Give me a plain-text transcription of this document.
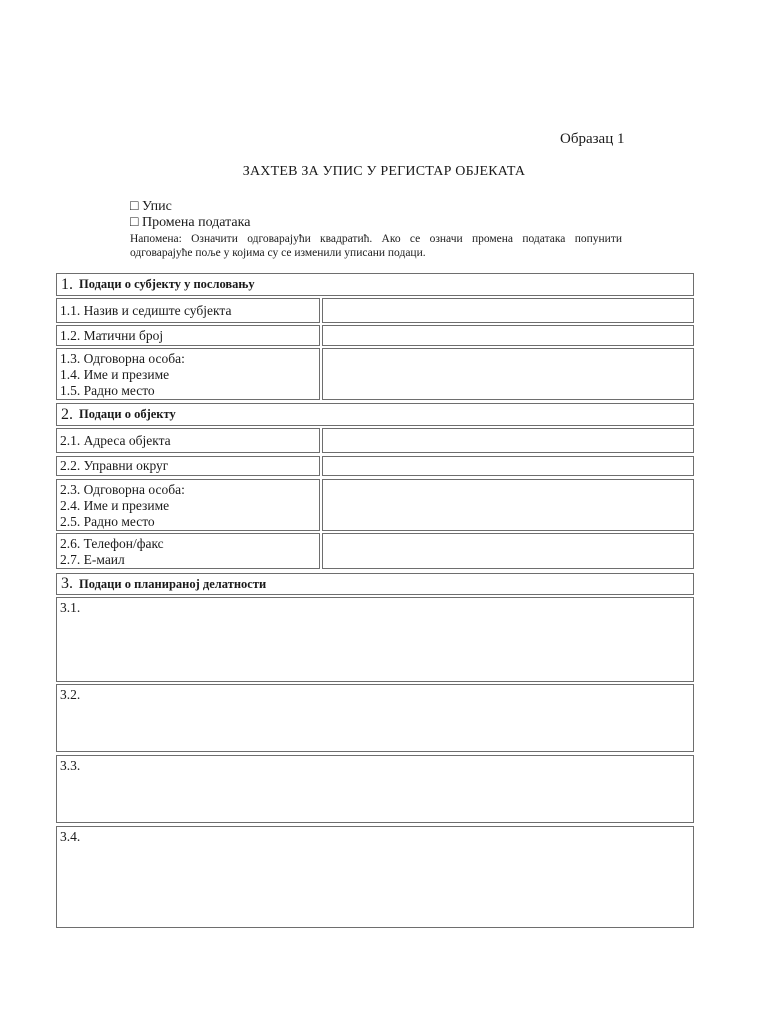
Образац 1
ЗАХТЕВ ЗА УПИС У РЕГИСТАР ОБЈЕКАТА
□ Упис
□ Промена података
Напомена: Означити одговарајући квадратић. Ако се означи промена података попунити одговарајуће поље у којима су се изменили уписани подаци.
1. Подаци о субјекту у пословању
1.1. Назив и седиште субјекта
1.2. Матични број
1.3. Одговорна особа:
1.4. Име и презиме
1.5. Радно место
2. Подаци о објекту
2.1. Адреса објекта
2.2. Управни округ
2.3. Одговорна особа:
2.4. Име и презиме
2.5. Радно место
2.6. Телефон/факс
2.7. Е-маил
3. Подаци о планираној делатности
3.1.
3.2.
3.3.
3.4.
